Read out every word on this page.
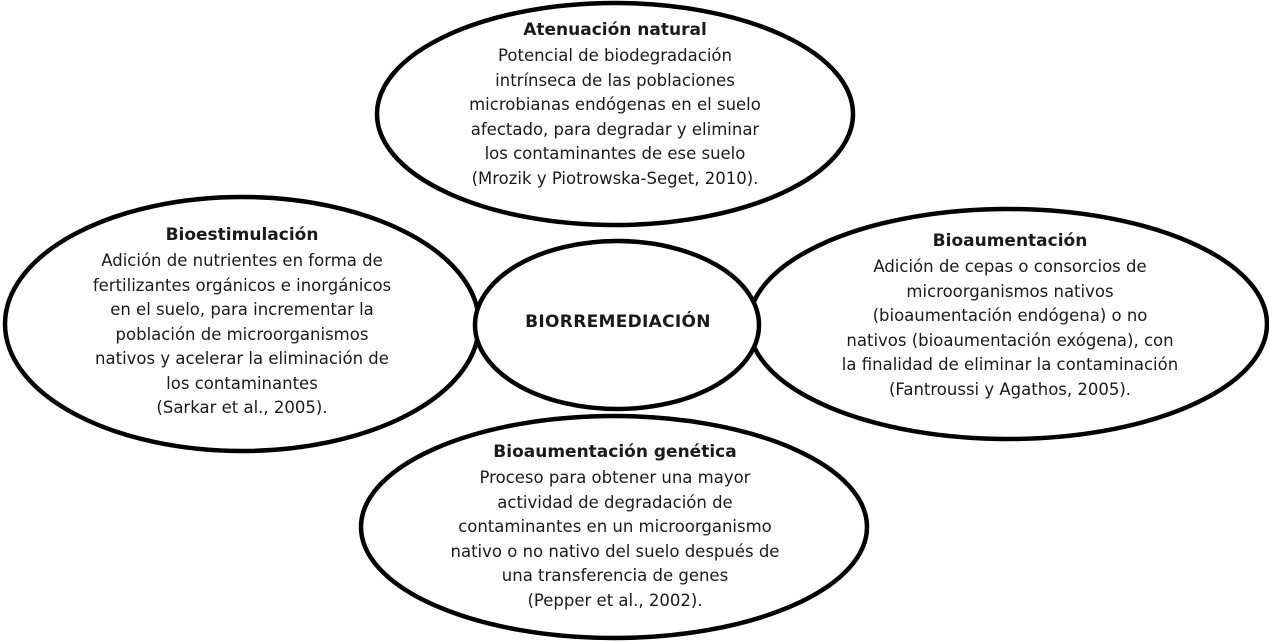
Atenuación natural
Potencial de biodegradación
intrínseca de las poblaciones
microbianas endógenas en el suelo
afectado, para degradar y eliminar
los contaminantes de ese suelo
(Mrozik y Piotrowska-Seget, 2010).
Bioestimulación
Adición de nutrientes en forma de
fertilizantes orgánicos e inorgánicos
en el suelo, para incrementar la
población de microorganismos
nativos y acelerar la eliminación de
los contaminantes
(Sarkar et al., 2005).
Bioaumentación
Adición de cepas o consorcios de
microorganismos nativos
(bioaumentación endógena) o no
nativos (bioaumentación exógena), con
la finalidad de eliminar la contaminación
(Fantroussi y Agathos, 2005).
Bioaumentación genética
Proceso para obtener una mayor
actividad de degradación de
contaminantes en un microorganismo
nativo o no nativo del suelo después de
una transferencia de genes
(Pepper et al., 2002).
BIORREMEDIACIÓN
